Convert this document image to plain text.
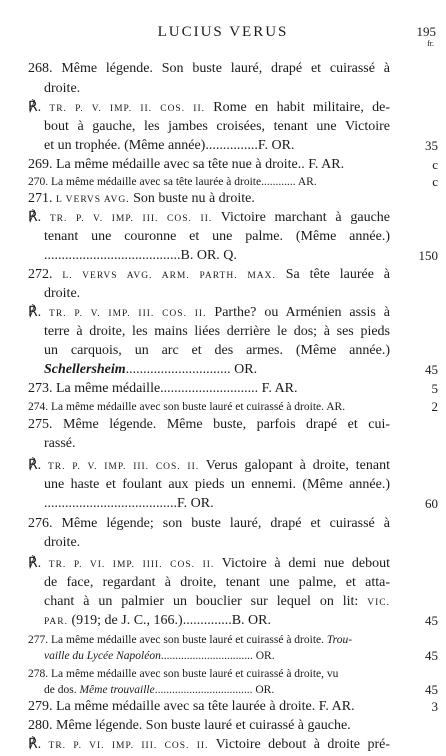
LUCIUS VERUS	195
fr.
268. Même légende. Son buste lauré, drapé et cuirassé à
droite.
℟. TR. P. V. IMP. II. COS. II. Rome en habit militaire, de-
bout à gauche, les jambes croisées, tenant une Victoire
et un trophée. (Même année)...............F. OR.	35
269. La même médaille avec sa tête nue à droite.. F. AR.	c
270. La même médaille avec sa tête laurée à droite............ AR.	c
271. L VERVS AVG. Son buste nu à droite.
℟. TR. P. V. IMP. III. COS. II. Victoire marchant à gauche
tenant une couronne et une palme. (Même année.)
.......................................B. OR. Q.	150
272. L. VERVS AVG. ARM. PARTH. MAX. Sa tête laurée à
droite.
℟. TR. P. V. IMP. III. COS. II. Parthe? ou Arménien assis à
terre à droite, les mains liées derrière le dos; à ses pieds
un carquois, un arc et des armes. (Même année.)
Schellersheim.............................. OR.	45
273. La même médaille............................ F. AR.	5
274. La même médaille avec son buste lauré et cuirassé à droite. AR.	2
275. Même légende. Même buste, parfois drapé et cui-
rassé.
℟. TR. P. V. IMP. III. COS. II. Verus galopant à droite, tenant
une haste et foulant aux pieds un ennemi. (Même année.)
......................................F. OR.	60
276. Même légende; son buste lauré, drapé et cuirassé à
droite.
℟. TR. P. VI. IMP. IIII. COS. II. Victoire à demi nue debout
de face, regardant à droite, tenant une palme, et atta-
chant à un palmier un bouclier sur lequel on lit: VIC.
PAR. (919; de J. C., 166.)..............B. OR.	45
277. La même médaille avec son buste lauré et cuirassé à droite. Trou-
vaille du Lycée Napoléon................................ OR.	45
278. La même médaille avec son buste lauré et cuirassé à droite, vu
de dos. Même trouvaille.................................. OR.	45
279. La même médaille avec sa tête laurée à droite. F. AR.	3
280. Même légende. Son buste lauré et cuirassé à gauche.
℟. TR. P. VI. IMP. III. COS. II. Victoire debout à droite pré-
